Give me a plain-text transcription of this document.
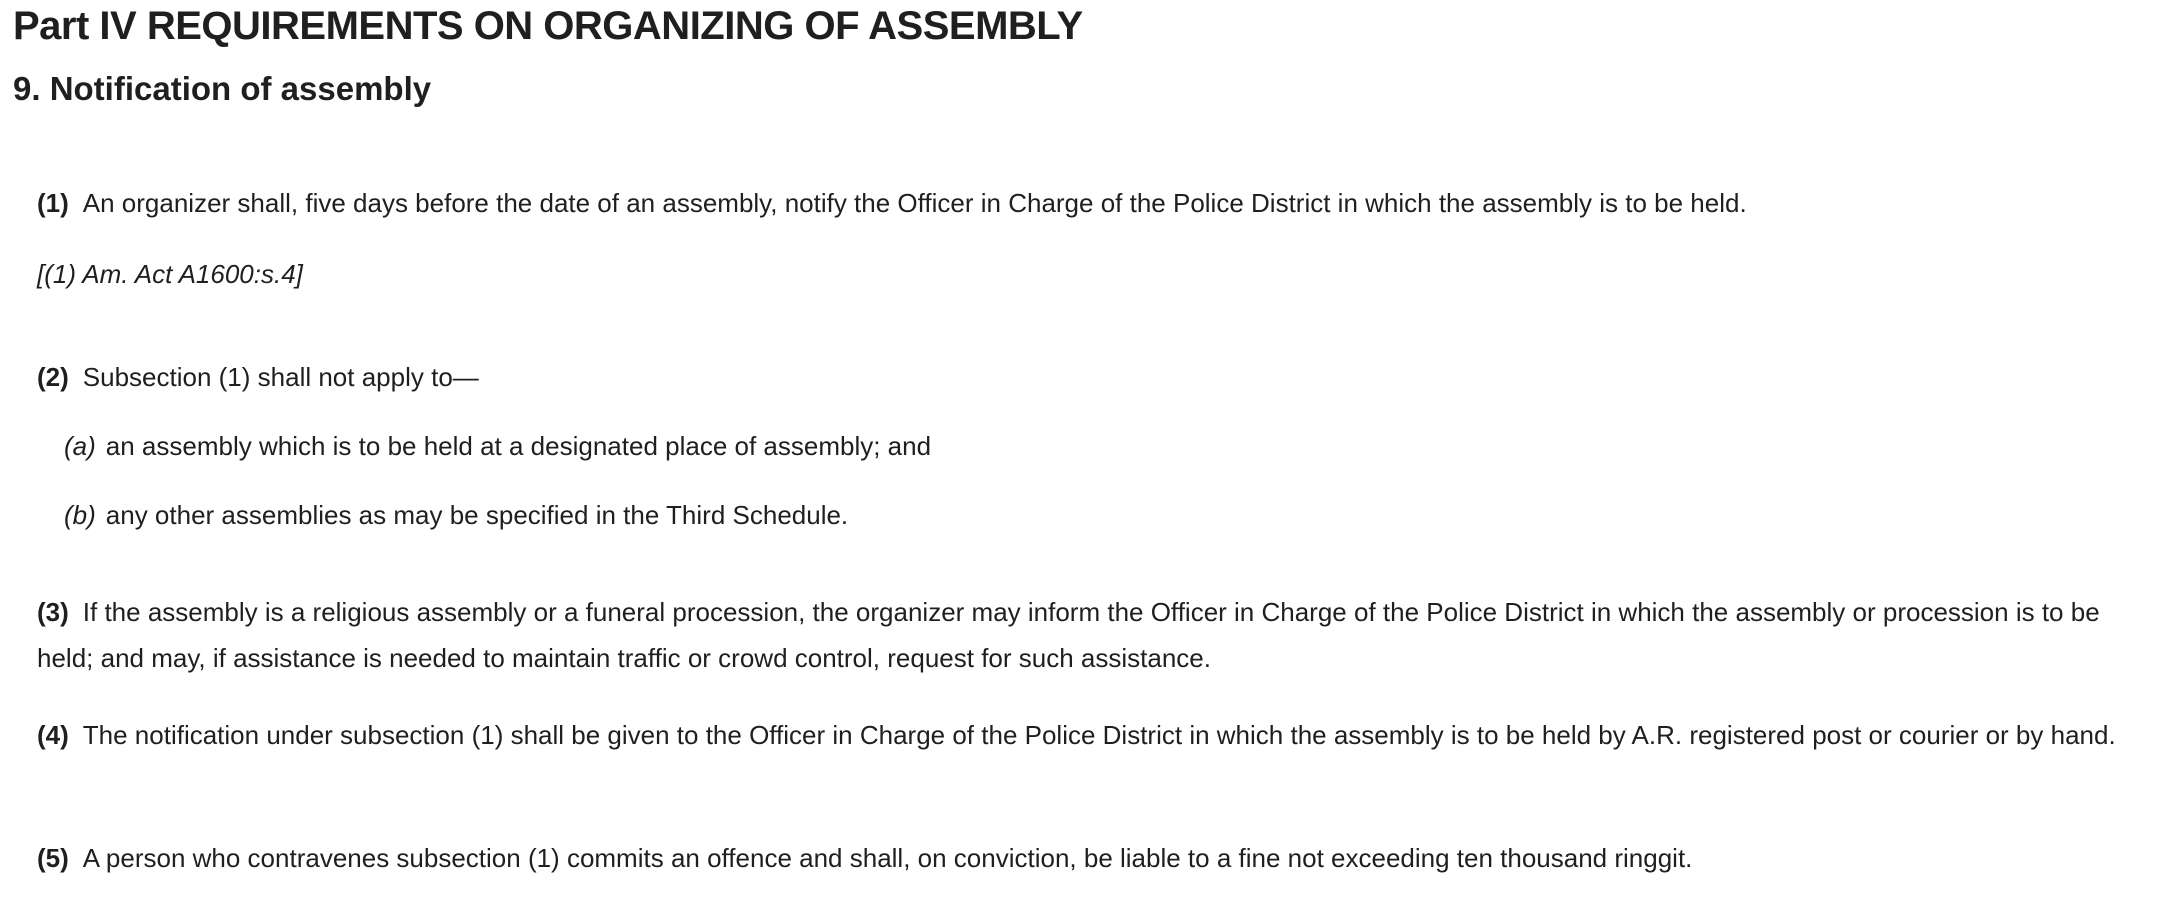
Part IV REQUIREMENTS ON ORGANIZING OF ASSEMBLY
9. Notification of assembly

(1) An organizer shall, five days before the date of an assembly, notify the Officer in Charge of the Police District in which the assembly is to be held.

[(1) Am. Act A1600:s.4]

(2) Subsection (1) shall not apply to—

(a) an assembly which is to be held at a designated place of assembly; and

(b) any other assemblies as may be specified in the Third Schedule.

(3) If the assembly is a religious assembly or a funeral procession, the organizer may inform the Officer in Charge of the Police District in which the assembly or procession is to be held; and may, if assistance is needed to maintain traffic or crowd control, request for such assistance.

(4) The notification under subsection (1) shall be given to the Officer in Charge of the Police District in which the assembly is to be held by A.R. registered post or courier or by hand.

(5) A person who contravenes subsection (1) commits an offence and shall, on conviction, be liable to a fine not exceeding ten thousand ringgit.
